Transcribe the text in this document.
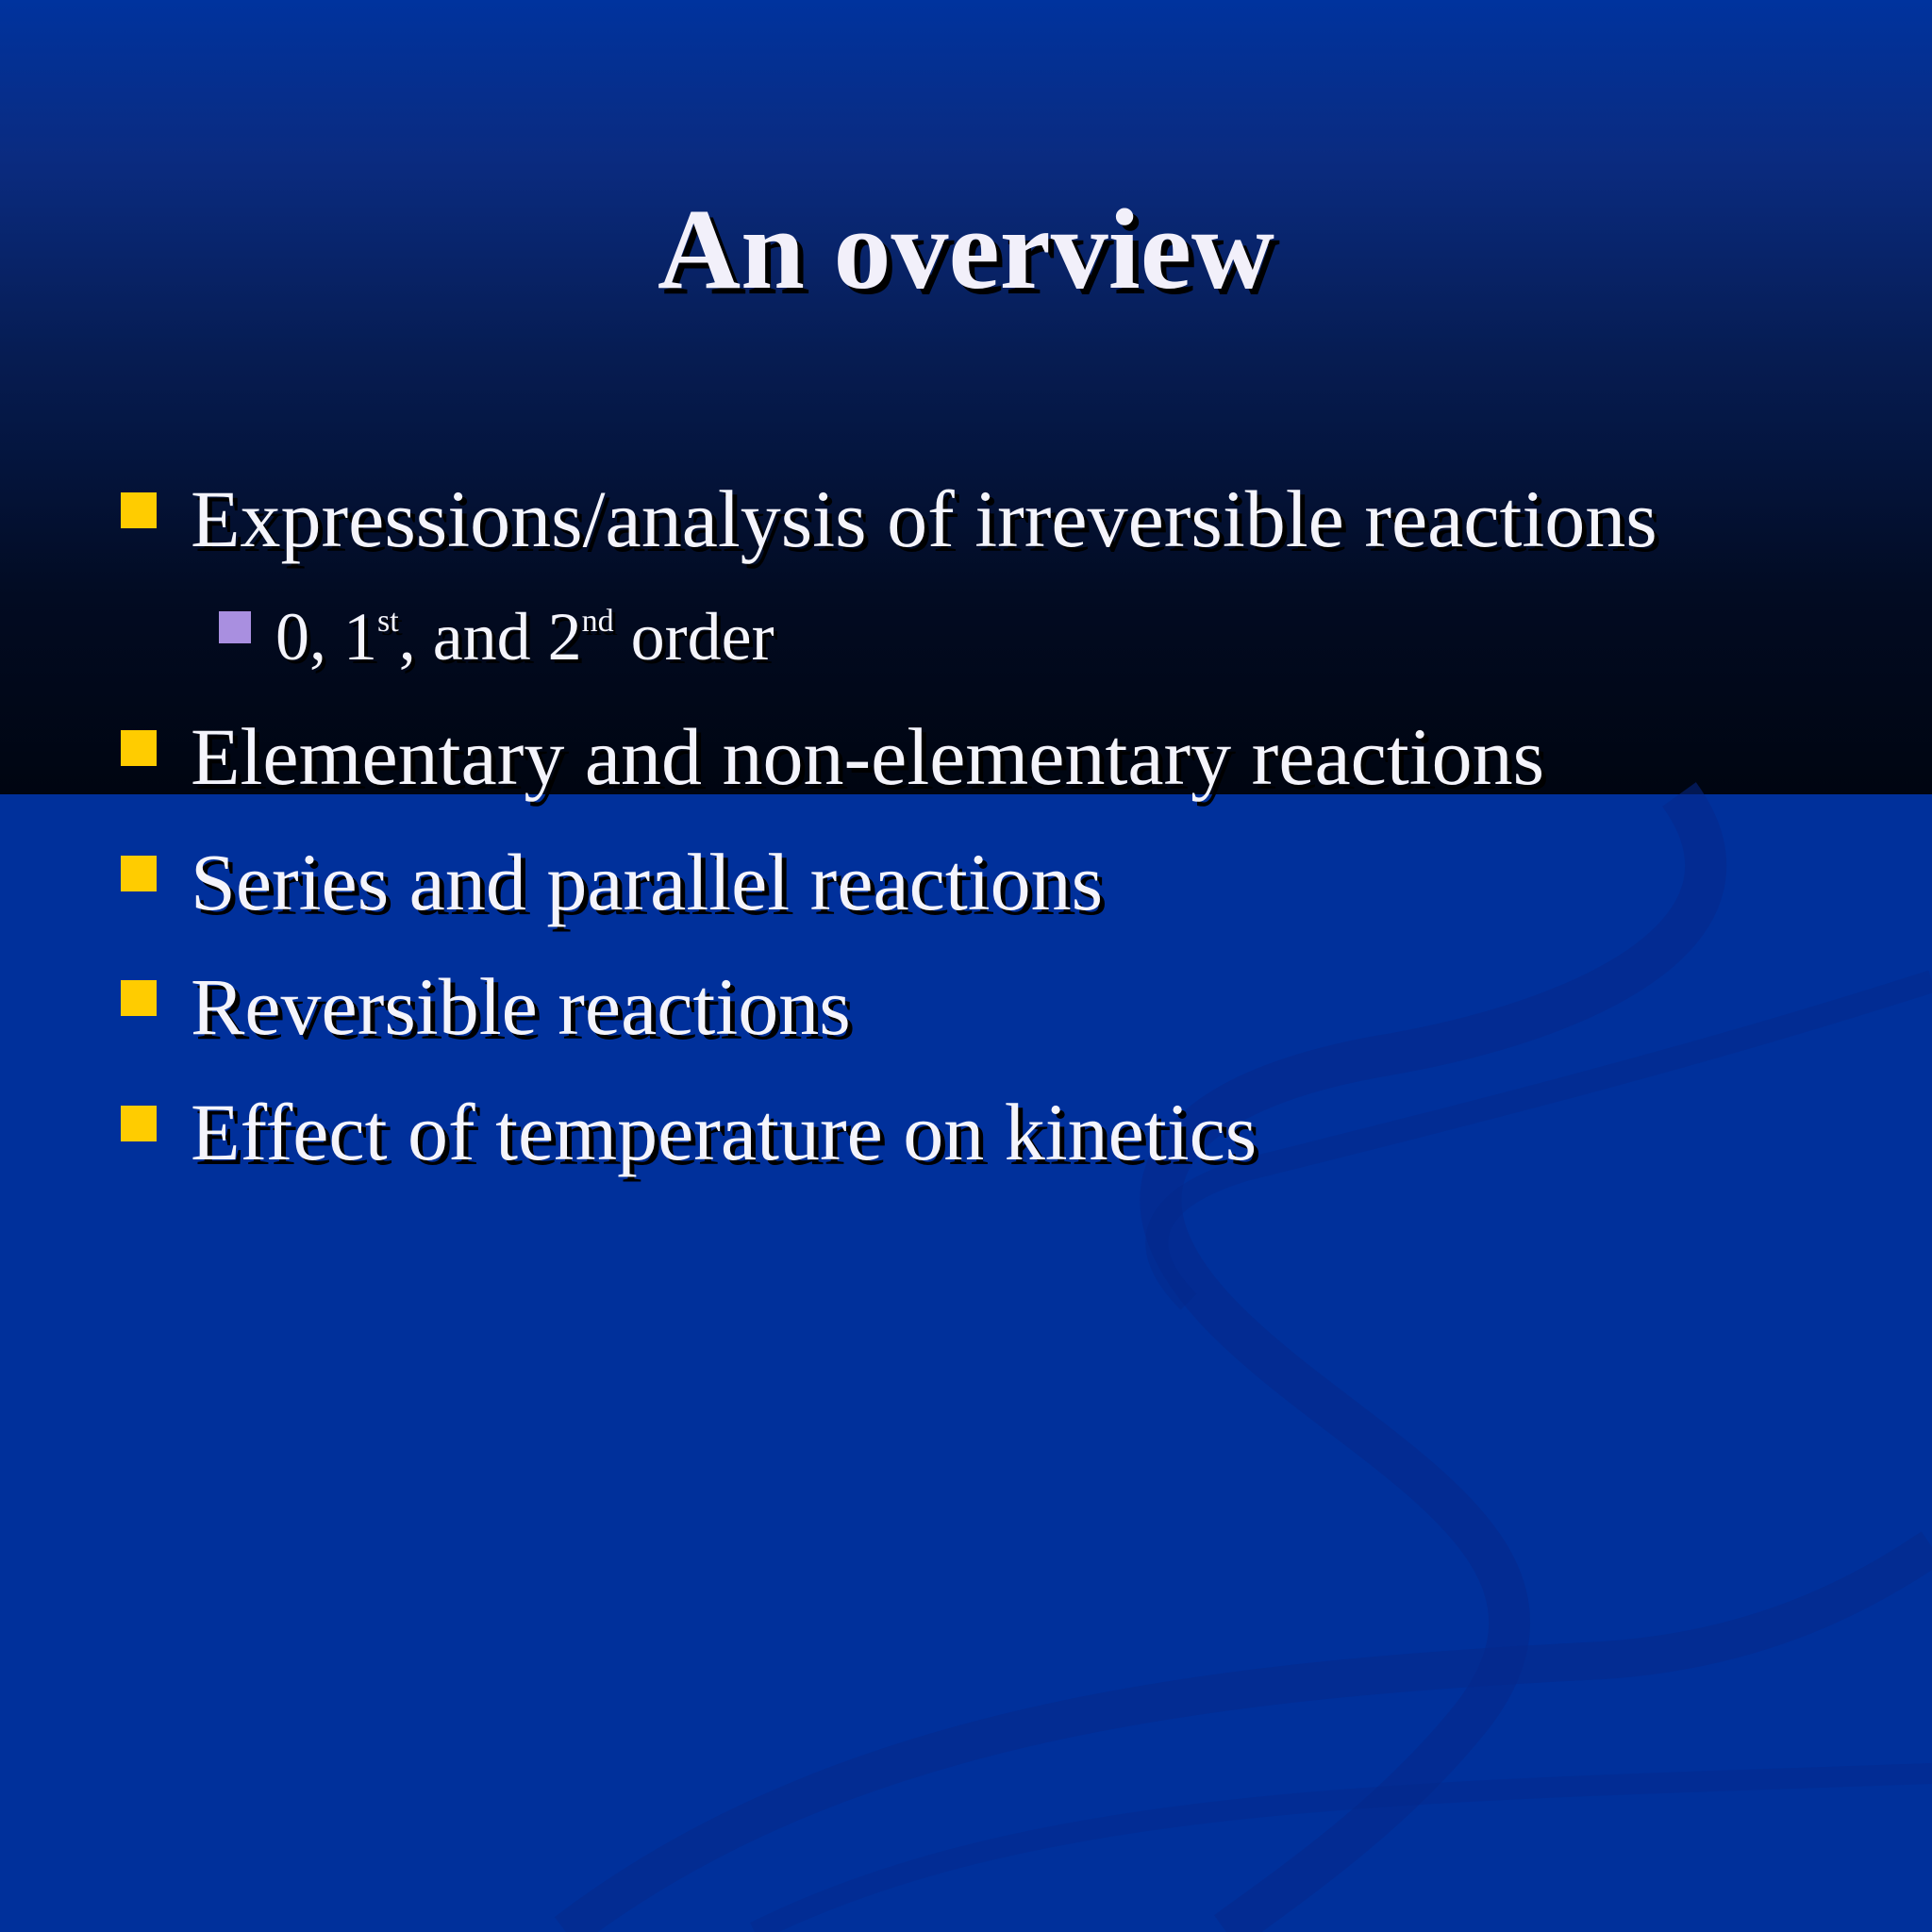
An overview
Expressions/analysis of irreversible reactions
0, 1st, and 2nd order
Elementary and non-elementary reactions
Series and parallel reactions
Reversible reactions
Effect of temperature on kinetics
